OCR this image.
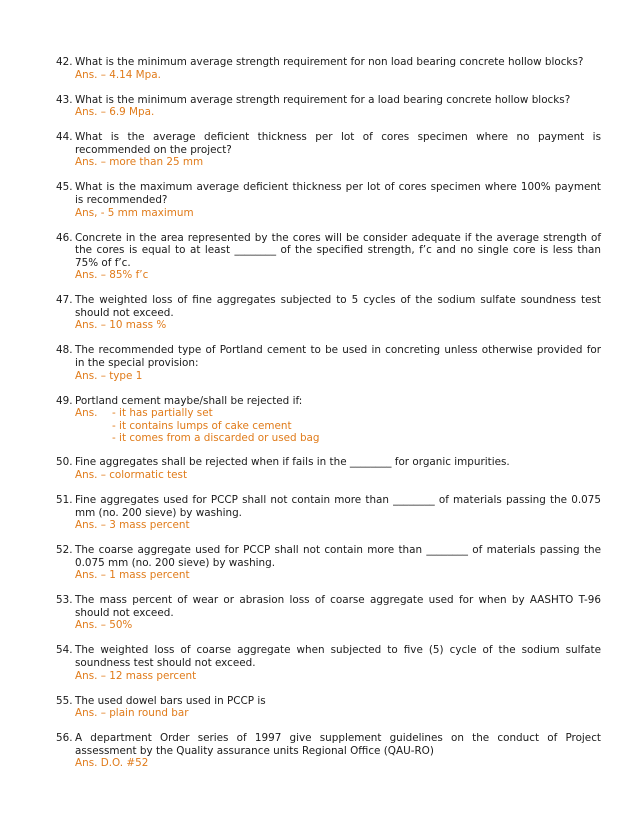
42. What is the minimum average strength requirement for non load bearing concrete hollow blocks?
Ans. – 4.14 Mpa.
43. What is the minimum average strength requirement for a load bearing concrete hollow blocks?
Ans. – 6.9 Mpa.
44. What is the average deficient thickness per lot of cores specimen where no payment is recommended on the project?
Ans. – more than 25 mm
45. What is the maximum average deficient thickness per lot of cores specimen where 100% payment is recommended?
Ans, - 5 mm maximum
46. Concrete in the area represented by the cores will be consider adequate if the average strength of the cores is equal to at least ________ of the specified strength, f’c and no single core is less than 75% of f’c.
Ans. – 85% f’c
47. The weighted loss of fine aggregates subjected to 5 cycles of the sodium sulfate soundness test should not exceed.
Ans. – 10 mass %
48. The recommended type of Portland cement to be used in concreting unless otherwise provided for in the special provision:
Ans. – type 1
49. Portland cement maybe/shall be rejected if:
Ans. - it has partially set
- it contains lumps of cake cement
- it comes from a discarded or used bag
50. Fine aggregates shall be rejected when if fails in the ________ for organic impurities.
Ans. – colormatic test
51. Fine aggregates used for PCCP shall not contain more than ________ of materials passing the 0.075 mm (no. 200 sieve) by washing.
Ans. – 3 mass percent
52. The coarse aggregate used for PCCP shall not contain more than ________ of materials passing the 0.075 mm (no. 200 sieve) by washing.
Ans. – 1 mass percent
53. The mass percent of wear or abrasion loss of coarse aggregate used for when by AASHTO T-96 should not exceed.
Ans. – 50%
54. The weighted loss of coarse aggregate when subjected to five (5) cycle of the sodium sulfate soundness test should not exceed.
Ans. – 12 mass percent
55. The used dowel bars used in PCCP is
Ans. – plain round bar
56. A department Order series of 1997 give supplement guidelines on the conduct of Project assessment by the Quality assurance units Regional Office (QAU-RO)
Ans. D.O. #52
